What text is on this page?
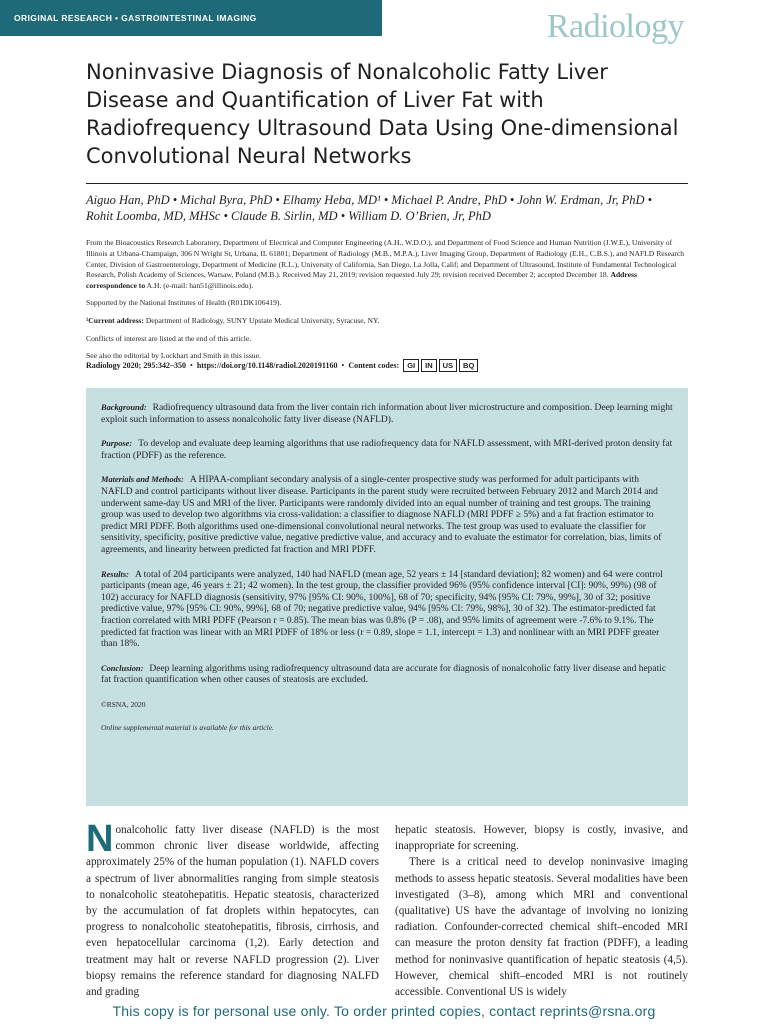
ORIGINAL RESEARCH • GASTROINTESTINAL IMAGING	Radiology
Noninvasive Diagnosis of Nonalcoholic Fatty Liver Disease and Quantification of Liver Fat with Radiofrequency Ultrasound Data Using One-dimensional Convolutional Neural Networks
Aiguo Han, PhD • Michal Byra, PhD • Elhamy Heba, MD¹ • Michael P. Andre, PhD • John W. Erdman, Jr, PhD •
Rohit Loomba, MD, MHSc • Claude B. Sirlin, MD • William D. O’Brien, Jr, PhD

From the Bioacoustics Research Laboratory, Department of Electrical and Computer Engineering (A.H., W.D.O.), and Department of Food Science and Human Nutrition (J.W.E.), University of Illinois at Urbana-Champaign, 306 N Wright St, Urbana, IL 61801; Department of Radiology (M.B., M.P.A.), Liver Imaging Group, Department of Radiology (E.H., C.B.S.), and NAFLD Research Center, Division of Gastroenterology, Department of Medicine (R.L.), University of California, San Diego, La Jolla, Calif; and Department of Ultrasound, Institute of Fundamental Technological Research, Polish Academy of Sciences, Warsaw, Poland (M.B.). Received May 21, 2019; revision requested July 29; revision received December 2; accepted December 18. Address correspondence to A.H. (e-mail: han51@illinois.edu).

Supported by the National Institutes of Health (R01DK106419).

¹Current address: Department of Radiology, SUNY Upstate Medical University, Syracuse, NY.

Conflicts of interest are listed at the end of this article.

See also the editorial by Lockhart and Smith in this issue.

Radiology 2020; 295:342–350  •  https://doi.org/10.1148/radiol.2020191160  •  Content codes: GI IN US BQ

Background: Radiofrequency ultrasound data from the liver contain rich information about liver microstructure and composition. Deep learning might exploit such information to assess nonalcoholic fatty liver disease (NAFLD).

Purpose: To develop and evaluate deep learning algorithms that use radiofrequency data for NAFLD assessment, with MRI-derived proton density fat fraction (PDFF) as the reference.

Materials and Methods: A HIPAA-compliant secondary analysis of a single-center prospective study was performed for adult participants with NAFLD and control participants without liver disease. Participants in the parent study were recruited between February 2012 and March 2014 and underwent same-day US and MRI of the liver. Participants were randomly divided into an equal number of training and test groups. The training group was used to develop two algorithms via cross-validation: a classifier to diagnose NAFLD (MRI PDFF ≥ 5%) and a fat fraction estimator to predict MRI PDFF. Both algorithms used one-dimensional convolutional neural networks. The test group was used to evaluate the classifier for sensitivity, specificity, positive predictive value, negative predictive value, and accuracy and to evaluate the estimator for correlation, bias, limits of agreements, and linearity between predicted fat fraction and MRI PDFF.

Results: A total of 204 participants were analyzed, 140 had NAFLD (mean age, 52 years ± 14 [standard deviation]; 82 women) and 64 were control participants (mean age, 46 years ± 21; 42 women). In the test group, the classifier provided 96% (95% confidence interval [CI]: 90%, 99%) (98 of 102) accuracy for NAFLD diagnosis (sensitivity, 97% [95% CI: 90%, 100%], 68 of 70; specificity, 94% [95% CI: 79%, 99%], 30 of 32; positive predictive value, 97% [95% CI: 90%, 99%], 68 of 70; negative predictive value, 94% [95% CI: 79%, 98%], 30 of 32). The estimator-predicted fat fraction correlated with MRI PDFF (Pearson r = 0.85). The mean bias was 0.8% (P = .08), and 95% limits of agreement were -7.6% to 9.1%. The predicted fat fraction was linear with an MRI PDFF of 18% or less (r = 0.89, slope = 1.1, intercept = 1.3) and nonlinear with an MRI PDFF greater than 18%.

Conclusion: Deep learning algorithms using radiofrequency ultrasound data are accurate for diagnosis of nonalcoholic fatty liver disease and hepatic fat fraction quantification when other causes of steatosis are excluded.

©RSNA, 2020

Online supplemental material is available for this article.

Nonalcoholic fatty liver disease (NAFLD) is the most common chronic liver disease worldwide, affecting approximately 25% of the human population (1). NAFLD covers a spectrum of liver abnormalities ranging from simple steatosis to nonalcoholic steatohepatitis. Hepatic steatosis, characterized by the accumulation of fat droplets within hepatocytes, can progress to nonalcoholic steatohepatitis, fibrosis, cirrhosis, and even hepatocellular carcinoma (1,2). Early detection and treatment may halt or reverse NAFLD progression (2). Liver biopsy remains the reference standard for diagnosing NALFD and grading

hepatic steatosis. However, biopsy is costly, invasive, and inappropriate for screening.

There is a critical need to develop noninvasive imaging methods to assess hepatic steatosis. Several modalities have been investigated (3–8), among which MRI and conventional (qualitative) US have the advantage of involving no ionizing radiation. Confounder-corrected chemical shift–encoded MRI can measure the proton density fat fraction (PDFF), a leading method for noninvasive quantification of hepatic steatosis (4,5). However, chemical shift–encoded MRI is not routinely accessible. Conventional US is widely

This copy is for personal use only. To order printed copies, contact reprints@rsna.org
